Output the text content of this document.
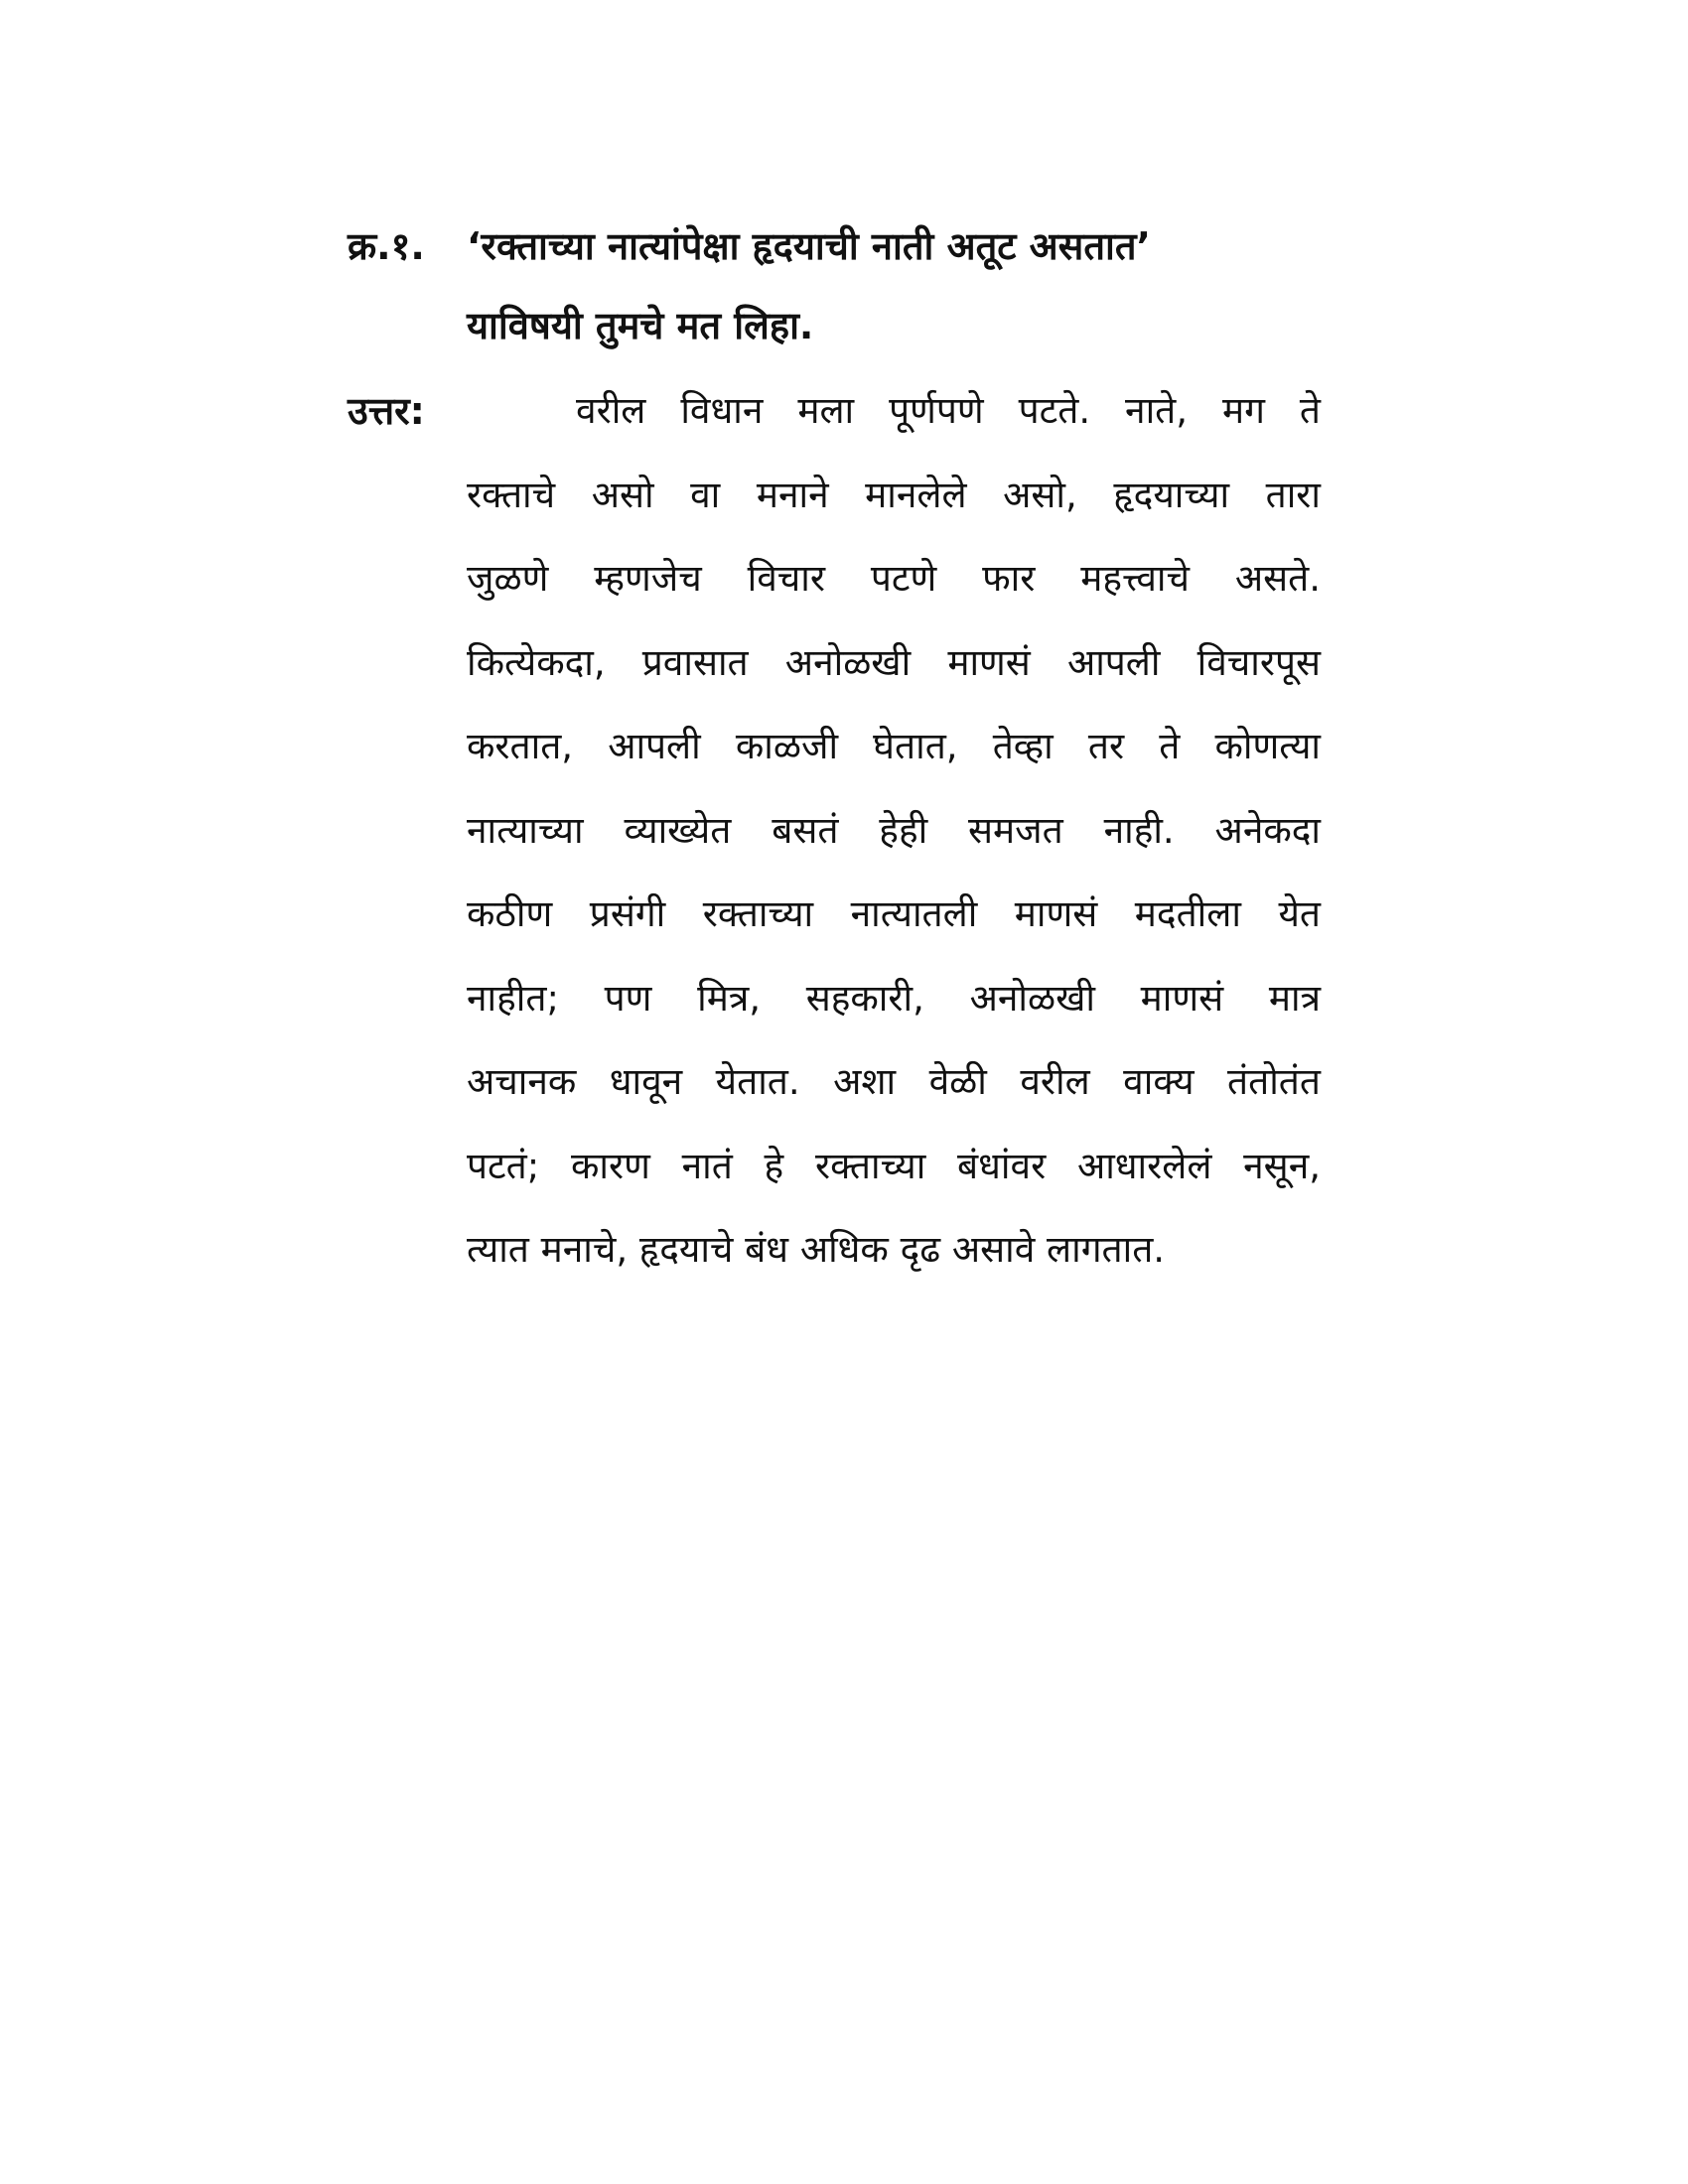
क्र.१. ‘रक्ताच्या नात्यांपेक्षा हृदयाची नाती अतूट असतात’
याविषयी तुमचे मत लिहा.
उत्तर:	वरील विधान मला पूर्णपणे पटते. नाते, मग ते
रक्ताचे असो वा मनाने मानलेले असो, हृदयाच्या तारा
जुळणे म्हणजेच विचार पटणे फार महत्त्वाचे असते.
कित्येकदा, प्रवासात अनोळखी माणसं आपली विचारपूस
करतात, आपली काळजी घेतात, तेव्हा तर ते कोणत्या
नात्याच्या व्याख्येत बसतं हेही समजत नाही. अनेकदा
कठीण प्रसंगी रक्ताच्या नात्यातली माणसं मदतीला येत
नाहीत; पण मित्र, सहकारी, अनोळखी माणसं मात्र
अचानक धावून येतात. अशा वेळी वरील वाक्य तंतोतंत
पटतं; कारण नातं हे रक्ताच्या बंधांवर आधारलेलं नसून,
त्यात मनाचे, हृदयाचे बंध अधिक दृढ असावे लागतात.
